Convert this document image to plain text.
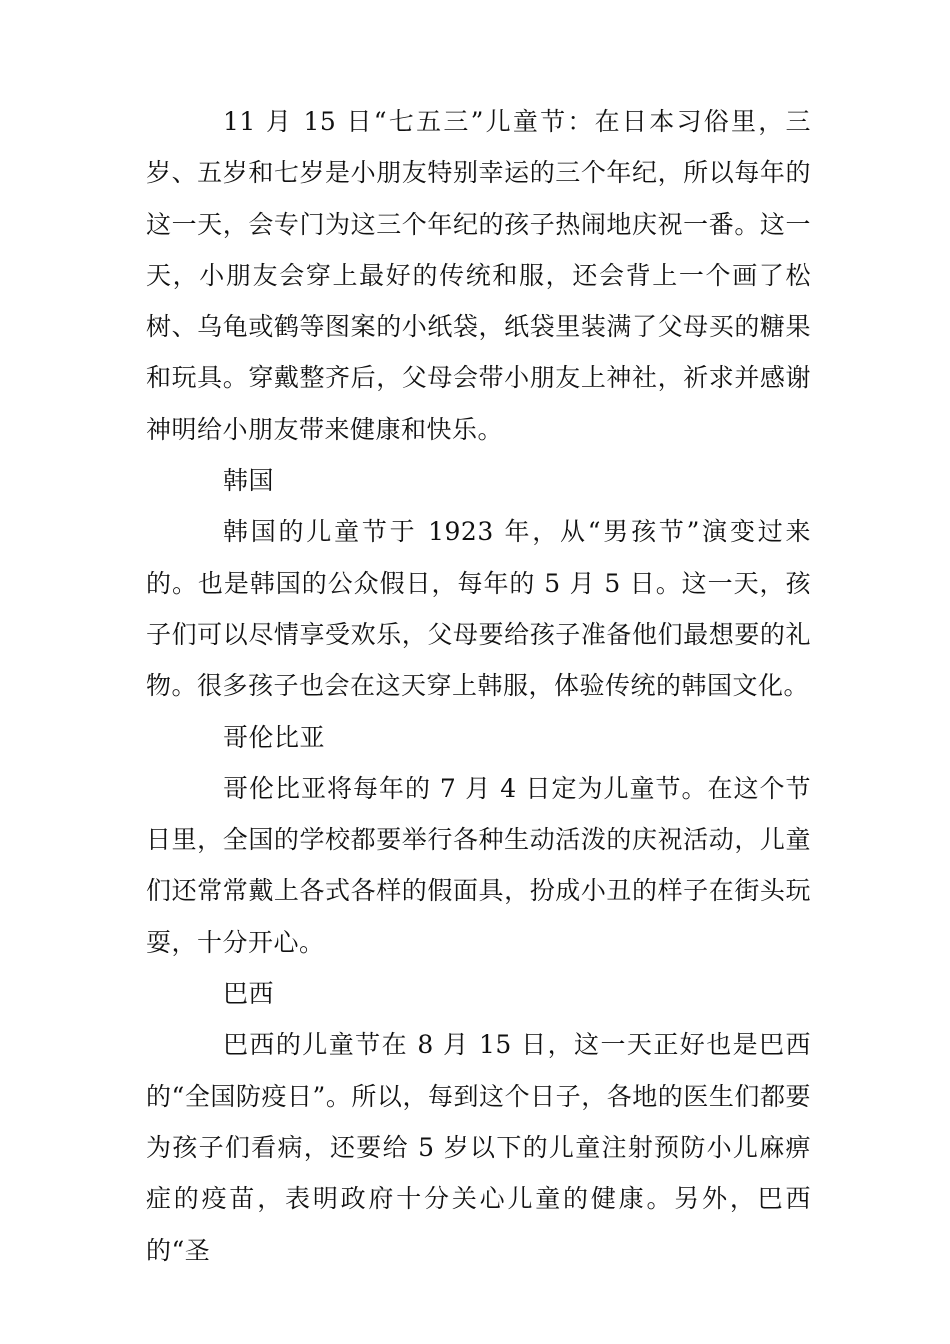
11 月 15 日“七五三”儿童节：在日本习俗里，三岁、五岁和七岁是小朋友特别幸运的三个年纪，所以每年的这一天，会专门为这三个年纪的孩子热闹地庆祝一番。这一天，小朋友会穿上最好的传统和服，还会背上一个画了松树、乌龟或鹤等图案的小纸袋，纸袋里装满了父母买的糖果和玩具。穿戴整齐后，父母会带小朋友上神社，祈求并感谢神明给小朋友带来健康和快乐。

韩国

韩国的儿童节于 1923 年，从“男孩节”演变过来的。也是韩国的公众假日，每年的 5 月 5 日。这一天，孩子们可以尽情享受欢乐，父母要给孩子准备他们最想要的礼物。很多孩子也会在这天穿上韩服，体验传统的韩国文化。

哥伦比亚

哥伦比亚将每年的 7 月 4 日定为儿童节。在这个节日里，全国的学校都要举行各种生动活泼的庆祝活动，儿童们还常常戴上各式各样的假面具，扮成小丑的样子在街头玩耍，十分开心。

巴西

巴西的儿童节在 8 月 15 日，这一天正好也是巴西的“全国防疫日”。所以，每到这个日子，各地的医生们都要为孩子们看病，还要给 5 岁以下的儿童注射预防小儿麻痹症的疫苗，表明政府十分关心儿童的健康。另外，巴西的“圣
